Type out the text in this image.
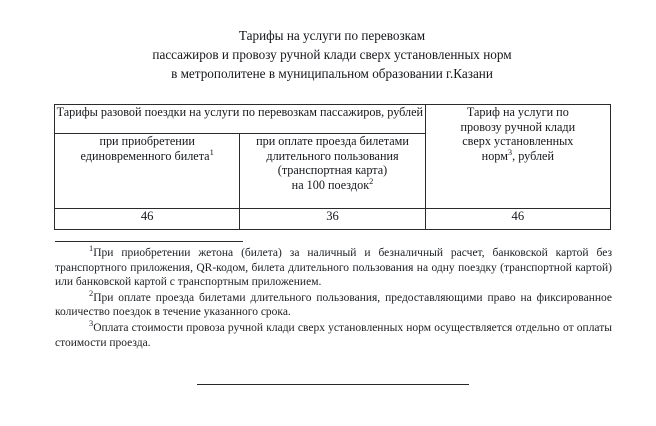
Тарифы на услуги по перевозкам
пассажиров и провозу ручной клади сверх установленных норм
в метрополитене в муниципальном образовании г.Казани
Тарифы разовой поездки на услуги по перевозкам пассажиров, рублей		Тариф на услуги по
провозу ручной клади
сверх установленных
норм$^3$, рублей
при приобретении
единовременного билета$^1$	при оплате проезда билетами
длительного пользования
(транспортная карта)
на 100 поездок$^2$
46	36	46

$^1$При приобретении жетона (билета) за наличный и безналичный расчет, банковской картой без транспортного приложения, QR-кодом, билета длительного пользования на одну поездку (транспортной картой) или банковской картой с транспортным приложением.

$^2$При оплате проезда билетами длительного пользования, предоставляющими право на фиксированное количество поездок в течение указанного срока.

$^3$Оплата стоимости провоза ручной клади сверх установленных норм осуществляется отдельно от оплаты стоимости проезда.
